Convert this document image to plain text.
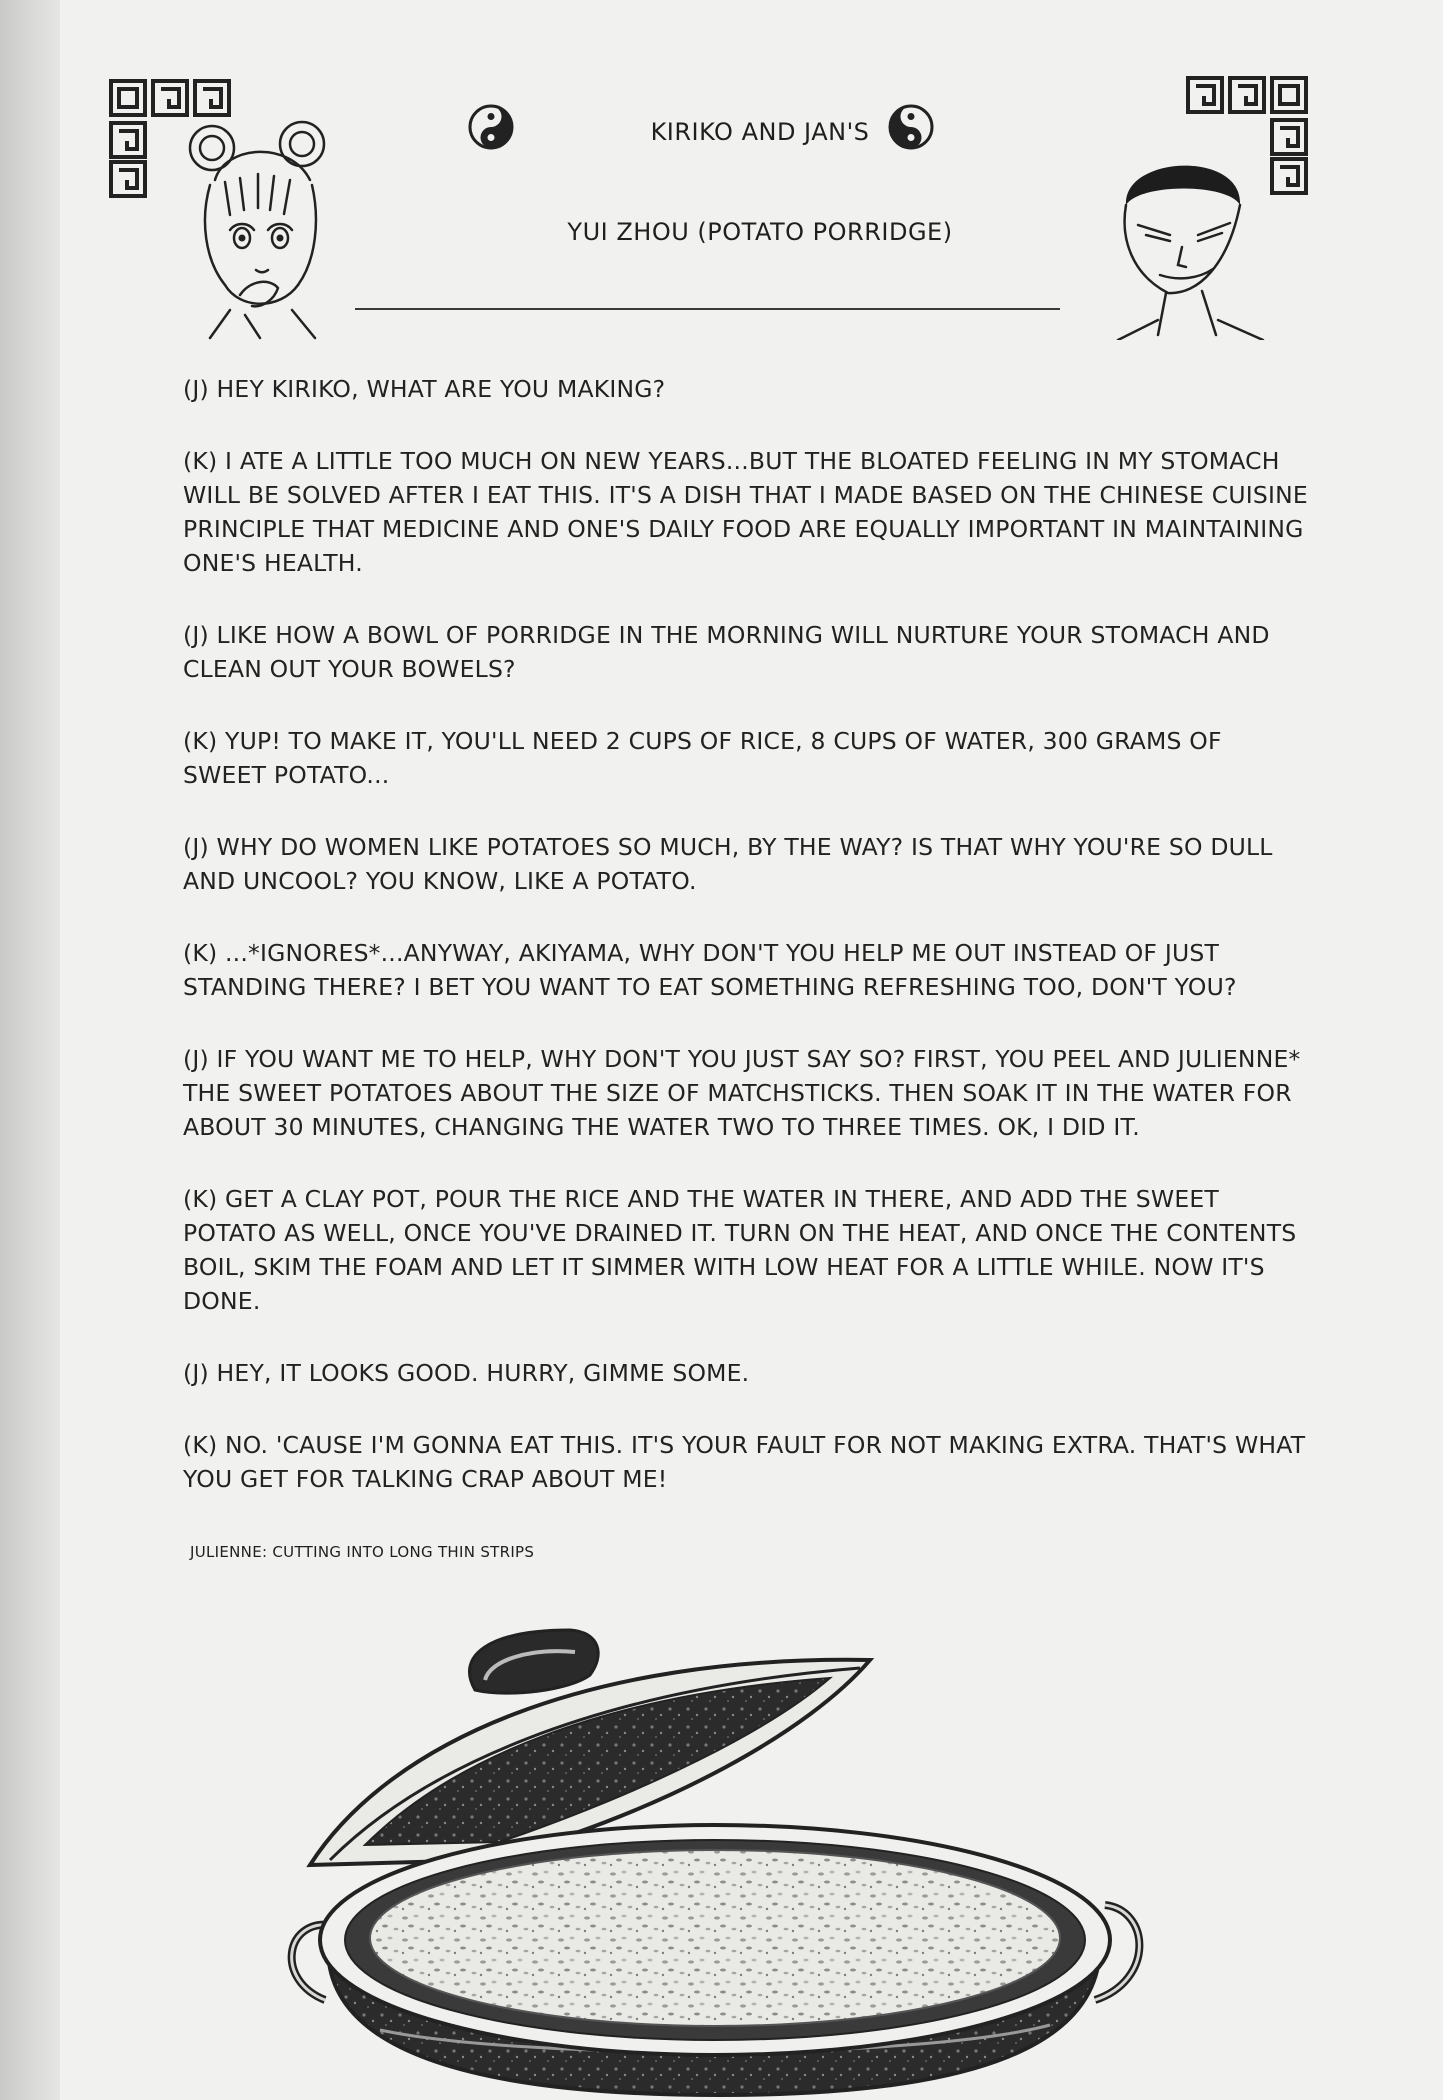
KIRIKO AND JAN'S
YUI ZHOU (POTATO PORRIDGE)

(J) HEY KIRIKO, WHAT ARE YOU MAKING?

(K) I ATE A LITTLE TOO MUCH ON NEW YEARS...BUT THE BLOATED FEELING IN MY STOMACH WILL BE SOLVED AFTER I EAT THIS. IT'S A DISH THAT I MADE BASED ON THE CHINESE CUISINE PRINCIPLE THAT MEDICINE AND ONE'S DAILY FOOD ARE EQUALLY IMPORTANT IN MAINTAINING ONE'S HEALTH.

(J) LIKE HOW A BOWL OF PORRIDGE IN THE MORNING WILL NURTURE YOUR STOMACH AND CLEAN OUT YOUR BOWELS?

(K) YUP! TO MAKE IT, YOU'LL NEED 2 CUPS OF RICE, 8 CUPS OF WATER, 300 GRAMS OF SWEET POTATO...

(J) WHY DO WOMEN LIKE POTATOES SO MUCH, BY THE WAY? IS THAT WHY YOU'RE SO DULL AND UNCOOL? YOU KNOW, LIKE A POTATO.

(K) ...*IGNORES*...ANYWAY, AKIYAMA, WHY DON'T YOU HELP ME OUT INSTEAD OF JUST STANDING THERE? I BET YOU WANT TO EAT SOMETHING REFRESHING TOO, DON'T YOU?

(J) IF YOU WANT ME TO HELP, WHY DON'T YOU JUST SAY SO? FIRST, YOU PEEL AND JULIENNE* THE SWEET POTATOES ABOUT THE SIZE OF MATCHSTICKS. THEN SOAK IT IN THE WATER FOR ABOUT 30 MINUTES, CHANGING THE WATER TWO TO THREE TIMES. OK, I DID IT.

(K) GET A CLAY POT, POUR THE RICE AND THE WATER IN THERE, AND ADD THE SWEET POTATO AS WELL, ONCE YOU'VE DRAINED IT. TURN ON THE HEAT, AND ONCE THE CONTENTS BOIL, SKIM THE FOAM AND LET IT SIMMER WITH LOW HEAT FOR A LITTLE WHILE. NOW IT'S DONE.

(J) HEY, IT LOOKS GOOD. HURRY, GIMME SOME.

(K) NO. 'CAUSE I'M GONNA EAT THIS. IT'S YOUR FAULT FOR NOT MAKING EXTRA. THAT'S WHAT YOU GET FOR TALKING CRAP ABOUT ME!

JULIENNE: CUTTING INTO LONG THIN STRIPS
